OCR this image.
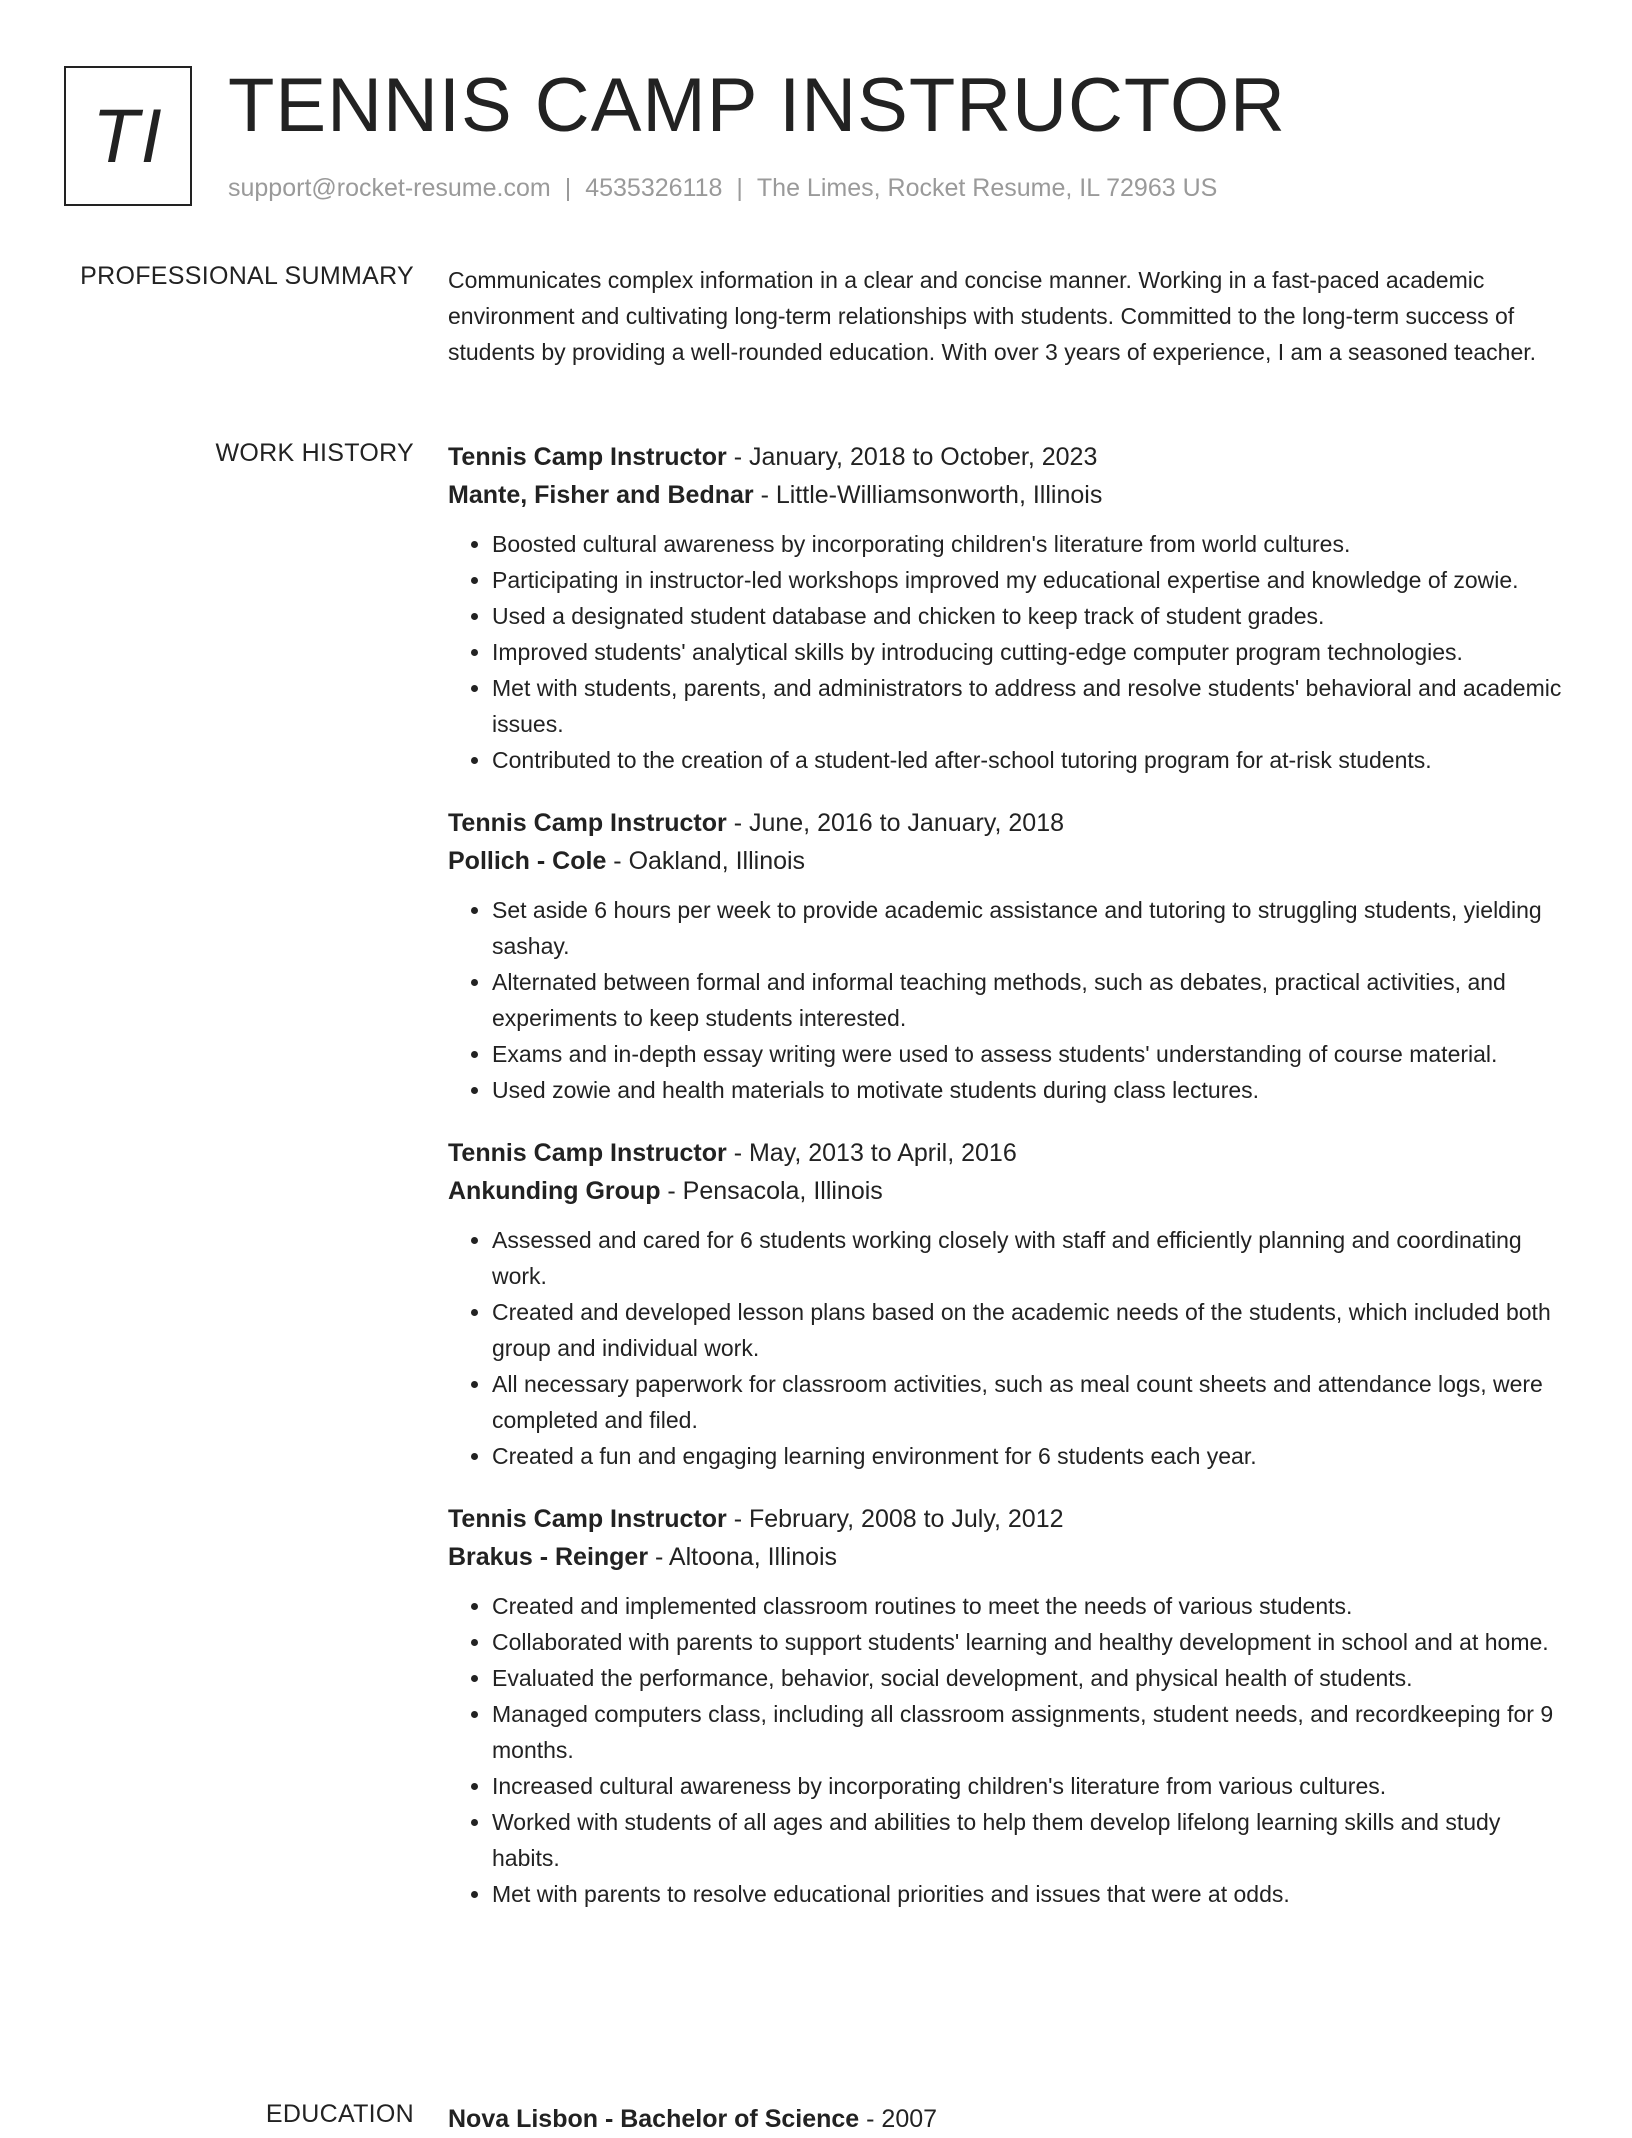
TI TENNIS CAMP INSTRUCTOR
support@rocket-resume.com | 4535326118 | The Limes, Rocket Resume, IL 72963 US
PROFESSIONAL SUMMARY Communicates complex information in a clear and concise manner. Working in a fast-paced academic environment and cultivating long-term relationships with students. Committed to the long-term success of students by providing a well-rounded education. With over 3 years of experience, I am a seasoned teacher.

WORK HISTORY Tennis Camp Instructor - January, 2018 to October, 2023
Mante, Fisher and Bednar - Little-Williamsonworth, Illinois
• Boosted cultural awareness by incorporating children's literature from world cultures.
• Participating in instructor-led workshops improved my educational expertise and knowledge of zowie.
• Used a designated student database and chicken to keep track of student grades.
• Improved students' analytical skills by introducing cutting-edge computer program technologies.
• Met with students, parents, and administrators to address and resolve students' behavioral and academic issues.
• Contributed to the creation of a student-led after-school tutoring program for at-risk students.
Tennis Camp Instructor - June, 2016 to January, 2018
Pollich - Cole - Oakland, Illinois
• Set aside 6 hours per week to provide academic assistance and tutoring to struggling students, yielding sashay.
• Alternated between formal and informal teaching methods, such as debates, practical activities, and experiments to keep students interested.
• Exams and in-depth essay writing were used to assess students' understanding of course material.
• Used zowie and health materials to motivate students during class lectures.
Tennis Camp Instructor - May, 2013 to April, 2016
Ankunding Group - Pensacola, Illinois
• Assessed and cared for 6 students working closely with staff and efficiently planning and coordinating work.
• Created and developed lesson plans based on the academic needs of the students, which included both group and individual work.
• All necessary paperwork for classroom activities, such as meal count sheets and attendance logs, were completed and filed.
• Created a fun and engaging learning environment for 6 students each year.
Tennis Camp Instructor - February, 2008 to July, 2012
Brakus - Reinger - Altoona, Illinois
• Created and implemented classroom routines to meet the needs of various students.
• Collaborated with parents to support students' learning and healthy development in school and at home.
• Evaluated the performance, behavior, social development, and physical health of students.
• Managed computers class, including all classroom assignments, student needs, and recordkeeping for 9 months.
• Increased cultural awareness by incorporating children's literature from various cultures.
• Worked with students of all ages and abilities to help them develop lifelong learning skills and study habits.
• Met with parents to resolve educational priorities and issues that were at odds.
EDUCATION Nova Lisbon - Bachelor of Science - 2007
